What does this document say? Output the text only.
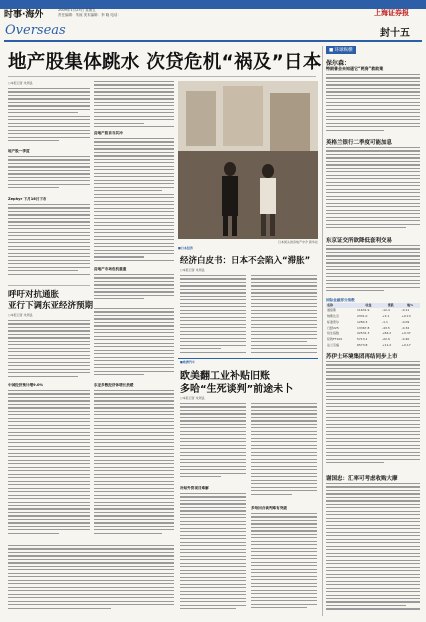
时事·海外	2009年1月23日 星期五
责任编辑：朱琼 美术编辑：李 晓 电话：
Overseas
上海证券报
封十五
地产股集体跳水 次贷危机“祸及”日本
○本报记者 朱周良
地产股一季度
Zephyr 下月16日下市
房地产股首当其冲
日本街头的房地产中介 新华社
■日本经济
经济白皮书：日本不会陷入“滞胀”
○本报记者 朱周良
房地产市场危机重重
呼吁对抗通胀
亚行下调东亚经济预期
○本报记者 朱周良
中国经济预计增9.0%	东亚多数经济体增长放缓
■欧洲汽车
欧美翻工业补贴旧账
多哈“生死谈判”前途未卜
○本报记者 朱周良
补贴外资项目难解
多哈回合谈判难有突破
■ 环球纵横
保尔森：
特朗普会未知道它“两房”救助案
英格兰银行二季度可能加息
东京证交所欲降低套利交易
国际金融部分指数
名称	收盘	涨跌	幅%
道琼斯	11631.9	-12.4	-0.11
纳斯达克	2331.0	+3.1	+0.13
标准普尔	1284.3	-1.1	-0.09
日经225	13367.8	-43.5	-0.32
恒生指数	22531.3	+84.2	+0.37
伦敦FT100	5713.1	-22.9	-0.40
法兰克福	6573.8	+11.2	+0.17
苏伊士环境集团再结同步上市
谢国忠：汇率可考虑收购大摩
